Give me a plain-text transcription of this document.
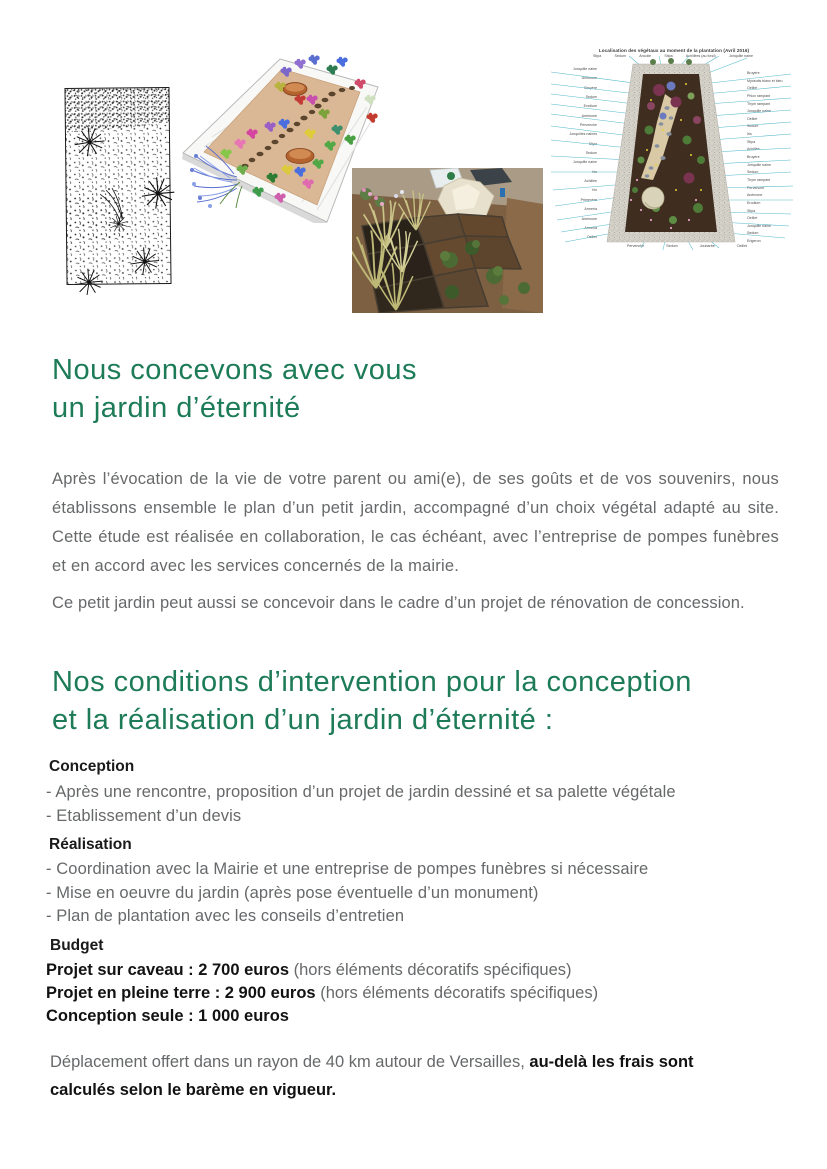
Localisation des végétaux au moment de la plantation (Avril 2016)
Stipa	Sedum	Ancolie	Stipa	Achillées (au fond)	Jonquille naine
Jonquille naine
Uniflorum
Bruyère
Sedum
Erodium
Anémone
Pervenche
Jonquilles naines
Stipa
Sedum
Jonquille naine
Iris
Achillée
Iris
Primevère
Armeria
Anémone
Armeria
Oeillet
Bruyère
Myosotis blanc et bleu
Oeillet
Phlox rampant
Thym rampant
Jonquille naine
Oeillet
Sedum
Iris
Stipa
Achillée
Bruyère
Jonquille naine
Sedum
Thym rampant
Pervenche
Anémone
Erodium
Stipa
Oeillet
Jonquille naine
Sedum
Erigeron
Pervenche	Sedum	Joubarbe	Oeillet
Nous concevons avec vous
un jardin d’éternité

Après l’évocation de la vie de votre parent ou ami(e), de ses goûts et de vos souvenirs, nous établissons ensemble le plan d’un petit jardin, accompagné d’un choix végétal adapté au site. Cette étude est réalisée en collaboration, le cas échéant, avec l’entreprise de pompes funèbres et en accord avec les services concernés de la mairie.

Ce petit jardin peut aussi se concevoir dans le cadre d’un projet de rénovation de concession.

Nos conditions d’intervention pour la conception
et la réalisation d’un jardin d’éternité :
Conception
- Après une rencontre, proposition d’un projet de jardin dessiné et sa palette végétale
- Etablissement d’un devis
Réalisation
- Coordination avec la Mairie et une entreprise de pompes funèbres si nécessaire
- Mise en oeuvre du jardin (après pose éventuelle d’un monument)
- Plan de plantation avec les conseils d’entretien
Budget
Projet sur caveau : 2 700 euros (hors éléments décoratifs spécifiques)
Projet en pleine terre : 2 900 euros (hors éléments décoratifs spécifiques)
Conception seule : 1 000 euros

Déplacement offert dans un rayon de 40 km autour de Versailles, au-delà les frais sont calculés selon le barème en vigueur.
